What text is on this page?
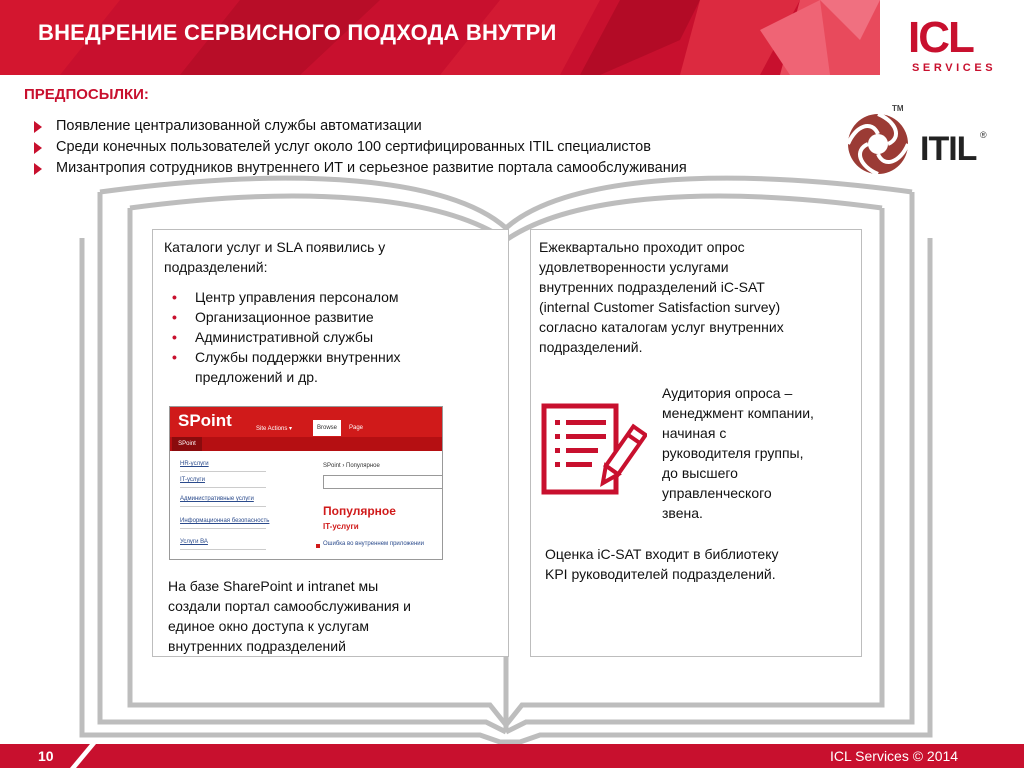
ВНЕДРЕНИЕ СЕРВИСНОГО ПОДХОДА ВНУТРИ	ICL
SERVICES
ПРЕДПОСЫЛКИ:
Появление централизованной службы автоматизации
Среди конечных пользователей услуг около 100 сертифицированных ITIL специалистов
Мизантропия сотрудников внутреннего ИТ и серьезное развитие портала самообслуживания
TM
ITIL ®
Каталоги услуг и SLA появились у
подразделений:
• Центр управления персоналом
• Организационное развитие
• Административной службы
• Службы поддержки внутренних
предложений и др.
SPoint	Site Actions ▾	Browse	Page
SPoint
HR-услуги
IT-услуги
Административные услуги
Информационная безопасность
Услуги ВА
SPoint › Популярное
Популярное
IT-услуги
Ошибка во внутреннем приложении
На базе SharePoint и intranet мы
создали портал самообслуживания и
единое окно доступа к услугам
внутренних подразделений
Ежеквартально проходит опрос
удовлетворенности услугами
внутренних подразделений iC-SAT
(internal Customer Satisfaction survey)
согласно каталогам услуг внутренних
подразделений.
Аудитория опроса –
менеджмент компании,
начиная с
руководителя группы,
до высшего
управленческого
звена.
Оценка iC-SAT входит в библиотеку
KPI руководителей подразделений.
10	ICL Services © 2014
